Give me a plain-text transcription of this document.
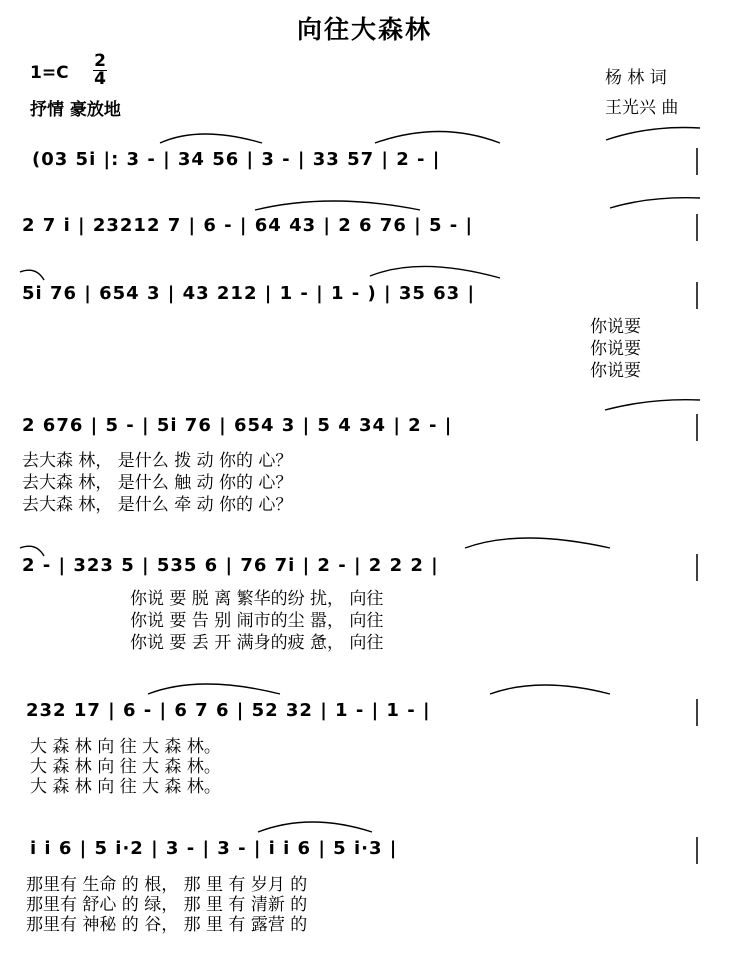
向往大森林
1=C
2
4
抒情 豪放地
杨 林 词
王光兴 曲
(03 5i |: 3 - | 34 56 | 3 - | 33 57 | 2 - |
2 7 i | 23212 7 | 6 - | 64 43 | 2 6 76 | 5 - |
5i 76 | 654 3 | 43 212 | 1 - | 1 - ) | 35 63 |
你说要
你说要
你说要
2 676 | 5 - | 5i 76 | 654 3 | 5 4 34 | 2 - |
去大森 林， 是什么 拨 动 你的 心？
去大森 林， 是什么 触 动 你的 心？
去大森 林， 是什么 牵 动 你的 心？
2 - | 323 5 | 535 6 | 76 7i | 2 - | 2 2 2 |
你说 要 脱 离 繁华的纷 扰， 向往
你说 要 告 别 闹市的尘 嚣， 向往
你说 要 丢 开 满身的疲 惫， 向往
232 17 | 6 - | 6 7 6 | 52 32 | 1 - | 1 - |
大 森 林 向 往 大 森 林。
大 森 林 向 往 大 森 林。
大 森 林 向 往 大 森 林。
i i 6 | 5 i·2 | 3 - | 3 - | i i 6 | 5 i·3 |
那里有 生命 的 根， 那 里 有 岁月 的
那里有 舒心 的 绿， 那 里 有 清新 的
那里有 神秘 的 谷， 那 里 有 露营 的
